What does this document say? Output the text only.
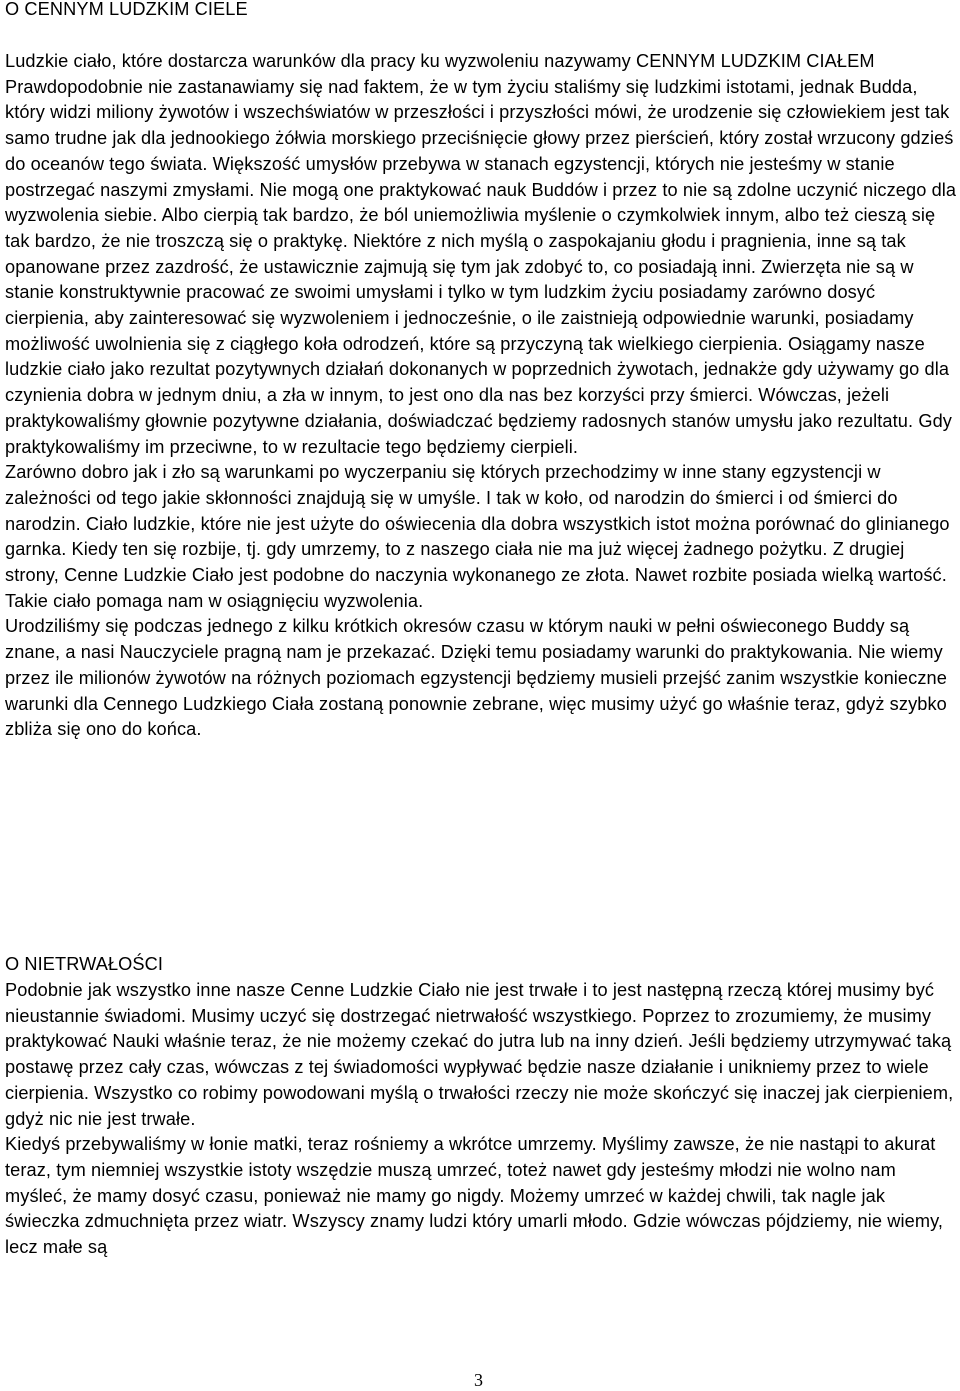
O CENNYM LUDZKIM CIELE

Ludzkie ciało, które dostarcza warunków dla pracy ku wyzwoleniu nazywamy CENNYM LUDZKIM CIAŁEM

Prawdopodobnie nie zastanawiamy się nad faktem, że w tym życiu staliśmy się ludzkimi istotami, jednak Budda, który widzi miliony żywotów i wszechświatów w przeszłości i przyszłości mówi, że urodzenie się człowiekiem jest tak samo trudne jak dla jednookiego żółwia morskiego przeciśnięcie głowy przez pierścień, który został wrzucony gdzieś do oceanów tego świata. Większość umysłów przebywa w stanach egzystencji, których nie jesteśmy w stanie postrzegać naszymi zmysłami. Nie mogą one praktykować nauk Buddów i przez to nie są zdolne uczynić niczego dla wyzwolenia siebie. Albo cierpią tak bardzo, że ból uniemożliwia myślenie o czymkolwiek innym, albo też cieszą się tak bardzo, że nie troszczą się o praktykę. Niektóre z nich myślą o zaspokajaniu głodu i pragnienia, inne są tak opanowane przez zazdrość, że ustawicznie zajmują się tym jak zdobyć to, co posiadają inni. Zwierzęta nie są w stanie konstruktywnie pracować ze swoimi umysłami i tylko w tym ludzkim życiu posiadamy zarówno dosyć cierpienia, aby zainteresować się wyzwoleniem i jednocześnie, o ile zaistnieją odpowiednie warunki, posiadamy możliwość uwolnienia się z ciągłego koła odrodzeń, które są przyczyną tak wielkiego cierpienia. Osiągamy nasze ludzkie ciało jako rezultat pozytywnych działań dokonanych w poprzednich żywotach, jednakże gdy używamy go dla czynienia dobra w jednym dniu, a zła w innym, to jest ono dla nas bez korzyści przy śmierci. Wówczas, jeżeli praktykowaliśmy głownie pozytywne działania, doświadczać będziemy radosnych stanów umysłu jako rezultatu. Gdy praktykowaliśmy im przeciwne, to w rezultacie tego będziemy cierpieli.

Zarówno dobro jak i zło są warunkami po wyczerpaniu się których przechodzimy w inne stany egzystencji w zależności od tego jakie skłonności znajdują się w umyśle. I tak w koło, od narodzin do śmierci i od śmierci do narodzin. Ciało ludzkie, które nie jest użyte do oświecenia dla dobra wszystkich istot można porównać do glinianego garnka. Kiedy ten się rozbije, tj. gdy umrzemy, to z naszego ciała nie ma już więcej żadnego pożytku. Z drugiej strony, Cenne Ludzkie Ciało jest podobne do naczynia wykonanego ze złota. Nawet rozbite posiada wielką wartość. Takie ciało pomaga nam w osiągnięciu wyzwolenia.

Urodziliśmy się podczas jednego z kilku krótkich okresów czasu w którym nauki w pełni oświeconego Buddy są znane, a nasi Nauczyciele pragną nam je przekazać. Dzięki temu posiadamy warunki do praktykowania. Nie wiemy przez ile milionów żywotów na różnych poziomach egzystencji będziemy musieli przejść zanim wszystkie konieczne warunki dla Cennego Ludzkiego Ciała zostaną ponownie zebrane, więc musimy użyć go właśnie teraz, gdyż szybko zbliża się ono do końca.

O NIETRWAŁOŚCI

Podobnie jak wszystko inne nasze Cenne Ludzkie Ciało nie jest trwałe i to jest następną rzeczą której musimy być nieustannie świadomi. Musimy uczyć się dostrzegać nietrwałość wszystkiego. Poprzez to zrozumiemy, że musimy praktykować Nauki właśnie teraz, że nie możemy czekać do jutra lub na inny dzień. Jeśli będziemy utrzymywać taką postawę przez cały czas, wówczas z tej świadomości wypływać będzie nasze działanie i unikniemy przez to wiele cierpienia. Wszystko co robimy powodowani myślą o trwałości rzeczy nie może skończyć się inaczej jak cierpieniem, gdyż nic nie jest trwałe.

Kiedyś przebywaliśmy w łonie matki, teraz rośniemy a wkrótce umrzemy. Myślimy zawsze, że nie nastąpi to akurat teraz, tym niemniej wszystkie istoty wszędzie muszą umrzeć, toteż nawet gdy jesteśmy młodzi nie wolno nam myśleć, że mamy dosyć czasu, ponieważ nie mamy go nigdy. Możemy umrzeć w każdej chwili, tak nagle jak świeczka zdmuchnięta przez wiatr. Wszyscy znamy ludzi który umarli młodo. Gdzie wówczas pójdziemy, nie wiemy, lecz małe są

3
